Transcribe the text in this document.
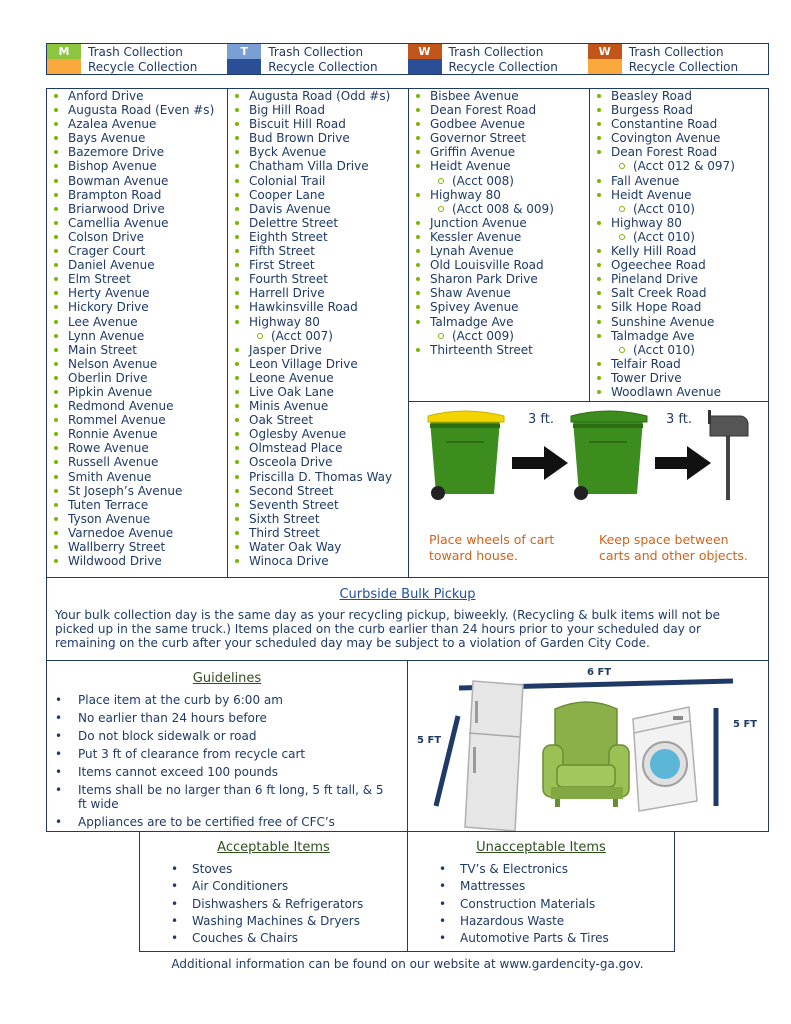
M	Trash Collection
Recycle Collection
T	Trash Collection
Recycle Collection
W	Trash Collection
Recycle Collection
W	Trash Collection
Recycle Collection
Anford Drive
Augusta Road (Even #s)
Azalea Avenue
Bays Avenue
Bazemore Drive
Bishop Avenue
Bowman Avenue
Brampton Road
Briarwood Drive
Camellia Avenue
Colson Drive
Crager Court
Daniel Avenue
Elm Street
Herty Avenue
Hickory Drive
Lee Avenue
Lynn Avenue
Main Street
Nelson Avenue
Oberlin Drive
Pipkin Avenue
Redmond Avenue
Rommel Avenue
Ronnie Avenue
Rowe Avenue
Russell Avenue
Smith Avenue
St Joseph’s Avenue
Tuten Terrace
Tyson Avenue
Varnedoe Avenue
Wallberry Street
Wildwood Drive
Augusta Road (Odd #s)
Big Hill Road
Biscuit Hill Road
Bud Brown Drive
Byck Avenue
Chatham Villa Drive
Colonial Trail
Cooper Lane
Davis Avenue
Delettre Street
Eighth Street
Fifth Street
First Street
Fourth Street
Harrell Drive
Hawkinsville Road
Highway 80
(Acct 007)
Jasper Drive
Leon Village Drive
Leone Avenue
Live Oak Lane
Minis Avenue
Oak Street
Oglesby Avenue
Olmstead Place
Osceola Drive
Priscilla D. Thomas Way
Second Street
Seventh Street
Sixth Street
Third Street
Water Oak Way
Winoca Drive
Bisbee Avenue
Dean Forest Road
Godbee Avenue
Governor Street
Griffin Avenue
Heidt Avenue
(Acct 008)
Highway 80
(Acct 008 & 009)
Junction Avenue
Kessler Avenue
Lynah Avenue
Old Louisville Road
Sharon Park Drive
Shaw Avenue
Spivey Avenue
Talmadge Ave
(Acct 009)
Thirteenth Street
Beasley Road
Burgess Road
Constantine Road
Covington Avenue
Dean Forest Road
(Acct 012 & 097)
Fall Avenue
Heidt Avenue
(Acct 010)
Highway 80
(Acct 010)
Kelly Hill Road
Ogeechee Road
Pineland Drive
Salt Creek Road
Silk Hope Road
Sunshine Avenue
Talmadge Ave
(Acct 010)
Telfair Road
Tower Drive
Woodlawn Avenue
3 ft.	3 ft.
Place wheels of cart
toward house.
Keep space between
carts and other objects.
Curbside Bulk Pickup
Your bulk collection day is the same day as your recycling pickup, biweekly. (Recycling & bulk items will not be picked up in the same truck.) Items placed on the curb earlier than 24 hours prior to your scheduled day or remaining on the curb after your scheduled day may be subject to a violation of Garden City Code.
Guidelines
• Place item at the curb by 6:00 am
• No earlier than 24 hours before
• Do not block sidewalk or road
• Put 3 ft of clearance from recycle cart
• Items cannot exceed 100 pounds
• Items shall be no larger than 6 ft long, 5 ft tall, & 5 ft wide
• Appliances are to be certified free of CFC’s
6 FT
5 FT
5 FT
Acceptable Items
• Stoves
• Air Conditioners
• Dishwashers & Refrigerators
• Washing Machines & Dryers
• Couches & Chairs
Unacceptable Items
• TV’s & Electronics
• Mattresses
• Construction Materials
• Hazardous Waste
• Automotive Parts & Tires
Additional information can be found on our website at www.gardencity-ga.gov.
